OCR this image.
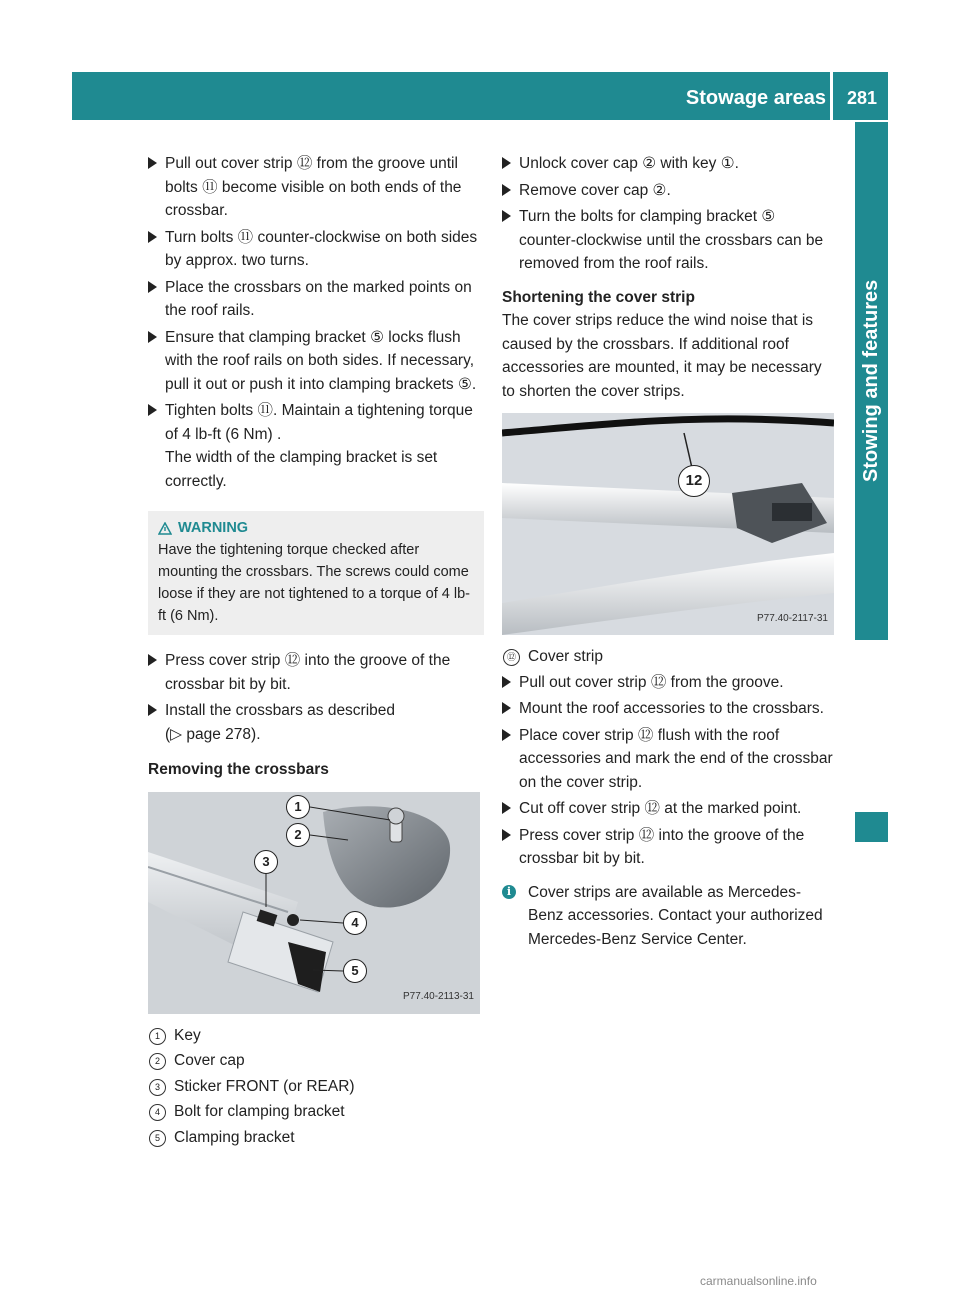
Stowage areas	281
Stowing and features
Pull out cover strip ⑫ from the groove until bolts ⑪ become visible on both ends of the crossbar.
Turn bolts ⑪ counter-clockwise on both sides by approx. two turns.
Place the crossbars on the marked points on the roof rails.
Ensure that clamping bracket ⑤ locks flush with the roof rails on both sides. If necessary, pull it out or push it into clamping brackets ⑤.
Tighten bolts ⑪. Maintain a tightening torque of 4 lb-ft (6 Nm) .
The width of the clamping bracket is set correctly.
WARNING
Have the tightening torque checked after mounting the crossbars. The screws could come loose if they are not tightened to a torque of 4 lb-ft (6 Nm).
Press cover strip ⑫ into the groove of the crossbar bit by bit.
Install the crossbars as described
(▷ page 278).
Removing the crossbars
1
2
3
4
5
P77.40-2113-31
1 Key
2 Cover cap
3 Sticker FRONT (or REAR)
4 Bolt for clamping bracket
5 Clamping bracket
Unlock cover cap ② with key ①.
Remove cover cap ②.
Turn the bolts for clamping bracket ⑤ counter-clockwise until the crossbars can be removed from the roof rails.
Shortening the cover strip
The cover strips reduce the wind noise that is caused by the crossbars. If additional roof accessories are mounted, it may be necessary to shorten the cover strips.
12
P77.40-2117-31
⑫ Cover strip
Pull out cover strip ⑫ from the groove.
Mount the roof accessories to the crossbars.
Place cover strip ⑫ flush with the roof accessories and mark the end of the crossbar on the cover strip.
Cut off cover strip ⑫ at the marked point.
Press cover strip ⑫ into the groove of the crossbar bit by bit.
i	Cover strips are available as Mercedes-Benz accessories. Contact your authorized Mercedes-Benz Service Center.
carmanualsonline.info
